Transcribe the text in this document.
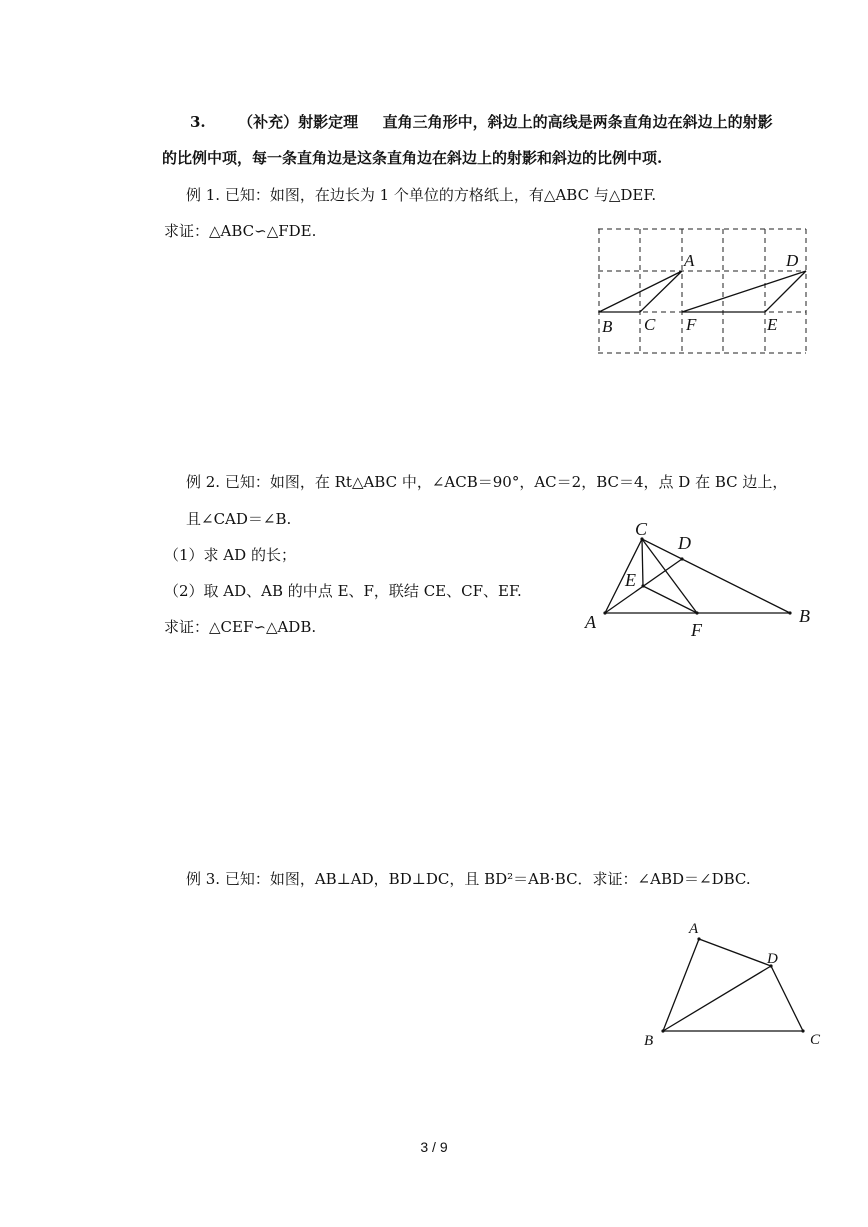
3. （补充）射影定理 直角三角形中，斜边上的高线是两条直角边在斜边上的射影
的比例中项，每一条直角边是这条直角边在斜边上的射影和斜边的比例中项.
例 1. 已知：如图，在边长为 1 个单位的方格纸上，有△ABC 与△DEF.
求证：△ABC∽△FDE.
A	D
B C F	E
例 2. 已知：如图，在 Rt△ABC 中，∠ACB＝90°，AC＝2，BC＝4，点 D 在 BC 边上，
且∠CAD＝∠B.
（1）求 AD 的长；
（2）取 AD、AB 的中点 E、F，联结 CE、CF、EF.
求证：△CEF∽△ADB.
C
D
E
A	F
B
例 3. 已知：如图，AB⊥AD，BD⊥DC，且 BD²＝AB·BC．求证：∠ABD＝∠DBC.
A
D
B	C
3 / 9
